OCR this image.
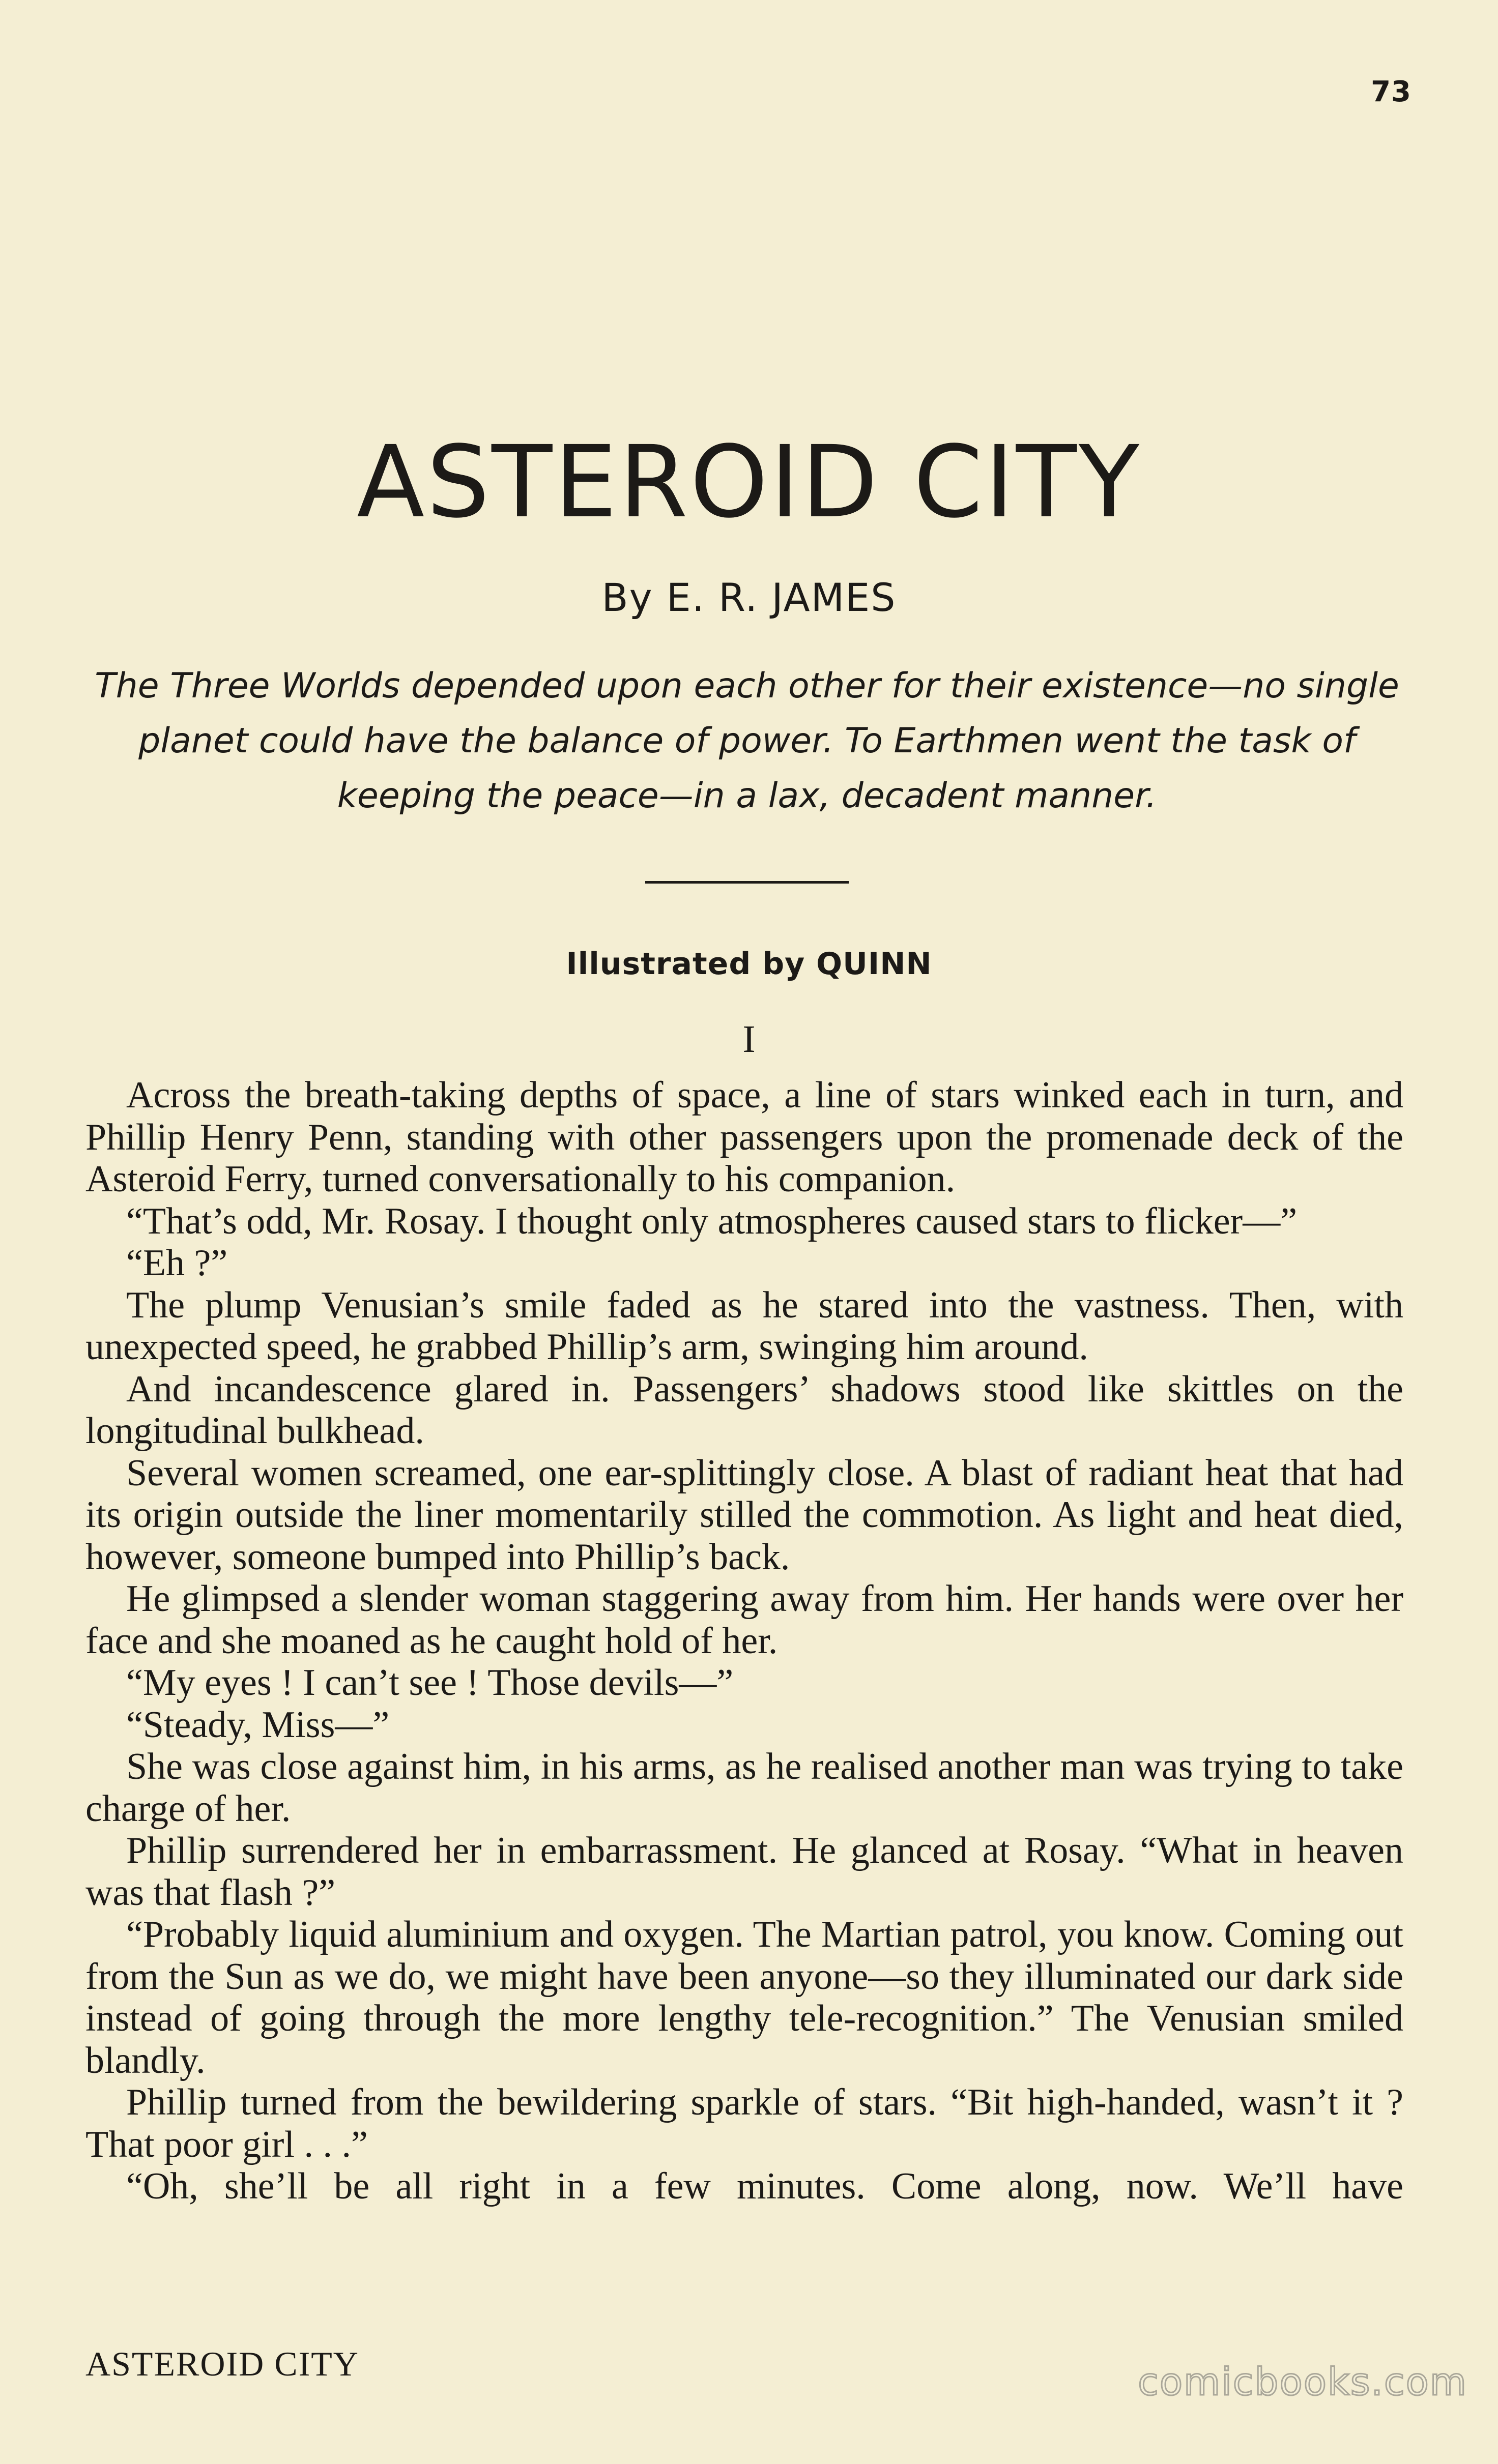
73
ASTEROID CITY
By E. R. JAMES
The Three Worlds depended upon each other for their existence—no single planet could have the balance of power. To Earthmen went the task of keeping the peace—in a lax, decadent manner.
Illustrated by QUINN
I

Across the breath-taking depths of space, a line of stars winked each in turn, and Phillip Henry Penn, standing with other passengers upon the promenade deck of the Asteroid Ferry, turned conversationally to his companion.

“That’s odd, Mr. Rosay. I thought only atmospheres caused stars to flicker—”

“Eh ?”

The plump Venusian’s smile faded as he stared into the vastness. Then, with unexpected speed, he grabbed Phillip’s arm, swinging him around.

And incandescence glared in. Passengers’ shadows stood like skittles on the longitudinal bulkhead.

Several women screamed, one ear-splittingly close. A blast of radiant heat that had its origin outside the liner momentarily stilled the commotion. As light and heat died, however, someone bumped into Phillip’s back.

He glimpsed a slender woman staggering away from him. Her hands were over her face and she moaned as he caught hold of her.

“My eyes ! I can’t see ! Those devils—”

“Steady, Miss—”

She was close against him, in his arms, as he realised another man was trying to take charge of her.

Phillip surrendered her in embarrassment. He glanced at Rosay. “What in heaven was that flash ?”

“Probably liquid aluminium and oxygen. The Martian patrol, you know. Coming out from the Sun as we do, we might have been anyone—so they illuminated our dark side instead of going through the more lengthy tele-recognition.” The Venusian smiled blandly.

Phillip turned from the bewildering sparkle of stars. “Bit high-handed, wasn’t it ? That poor girl . . .”

“Oh, she’ll be all right in a few minutes. Come along, now. We’ll have

ASTEROID CITY	comicbooks.com
